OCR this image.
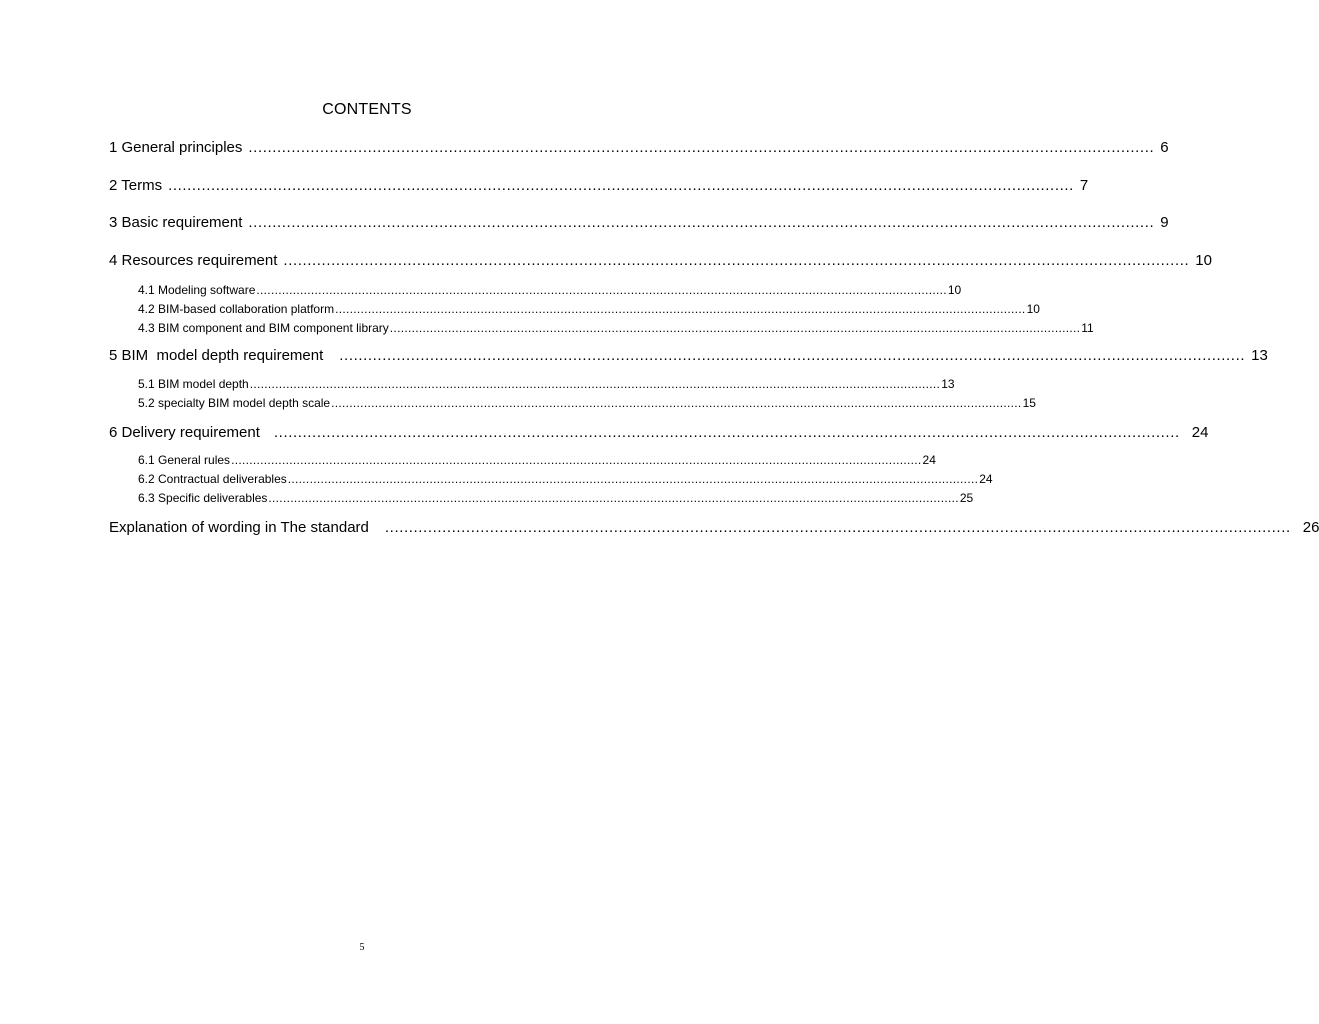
CONTENTS
1 General principles .............................................................................................................................................................................................. 6
2 Terms .............................................................................................................................................................................................. 7
3 Basic requirement .............................................................................................................................................................................................. 9
4 Resources requirement .............................................................................................................................................................................................. 10
4.1 Modeling software .............................................................................................................................................................................................. 10
4.2 BIM-based collaboration platform .............................................................................................................................................................................................. 10
4.3 BIM component and BIM component library .............................................................................................................................................................................................. 11
5 BIM  model depth requirement .............................................................................................................................................................................................. 13
5.1 BIM model depth .............................................................................................................................................................................................. 13
5.2 specialty BIM model depth scale .............................................................................................................................................................................................. 15
6 Delivery requirement .............................................................................................................................................................................................. 24
6.1 General rules .............................................................................................................................................................................................. 24
6.2 Contractual deliverables .............................................................................................................................................................................................. 24
6.3 Specific deliverables .............................................................................................................................................................................................. 25
Explanation of wording in The standard .............................................................................................................................................................................................. 26
5
